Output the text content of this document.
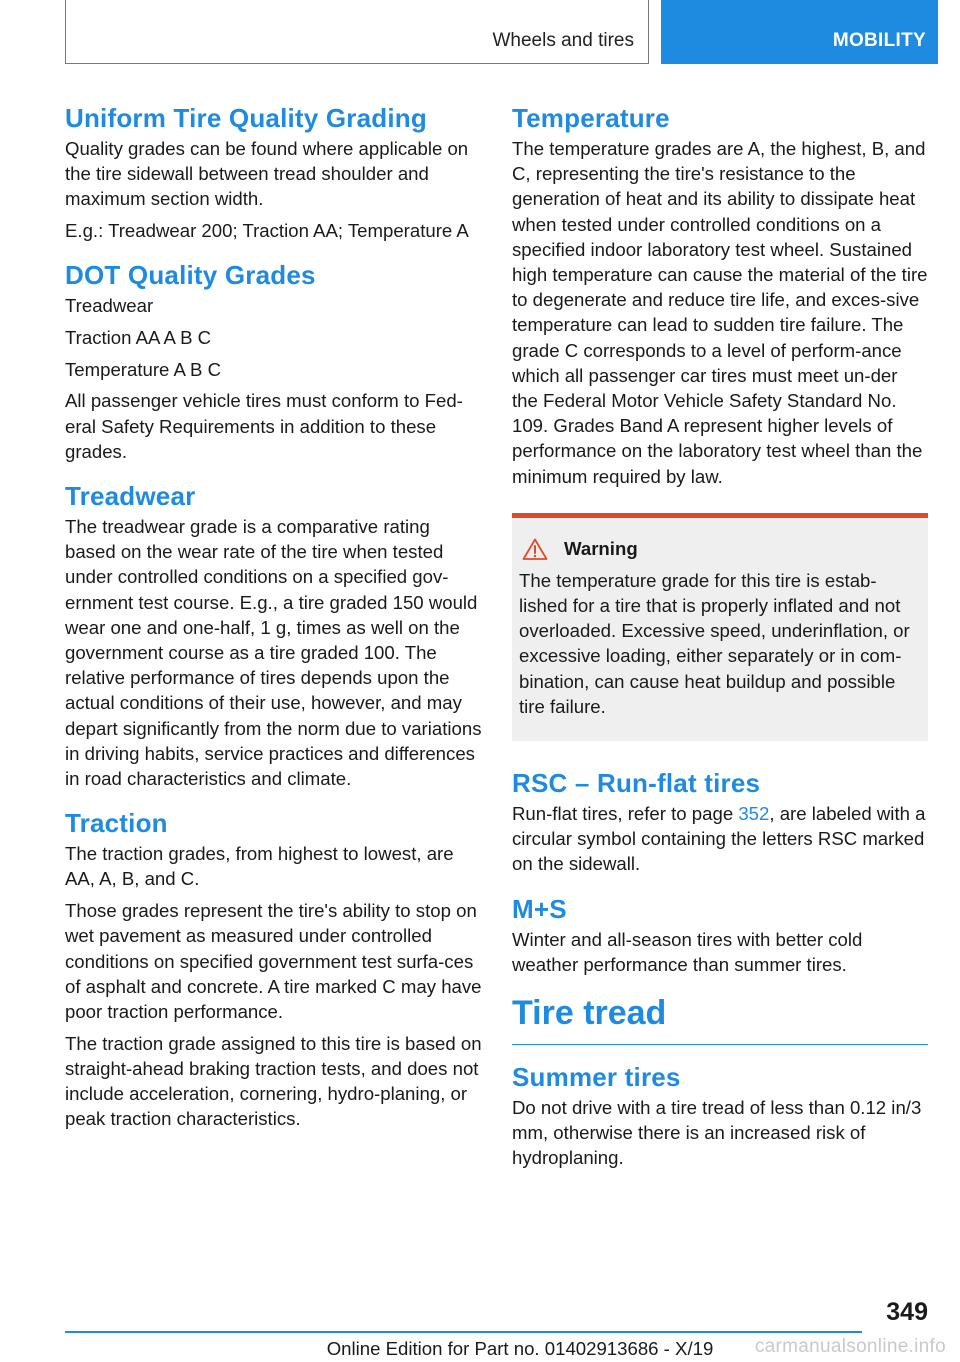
Wheels and tires	MOBILITY
Uniform Tire Quality Grading

Quality grades can be found where applicable on the tire sidewall between tread shoulder and maximum section width.

E.g.: Treadwear 200; Traction AA; Temperature A

DOT Quality Grades

Treadwear

Traction AA A B C

Temperature A B C

All passenger vehicle tires must conform to Fed-eral Safety Requirements in addition to these grades.

Treadwear

The treadwear grade is a comparative rating based on the wear rate of the tire when tested under controlled conditions on a specified gov-ernment test course. E.g., a tire graded 150 would wear one and one-half, 1 g, times as well on the government course as a tire graded 100. The relative performance of tires depends upon the actual conditions of their use, however, and may depart significantly from the norm due to variations in driving habits, service practices and differences in road characteristics and climate.

Traction

The traction grades, from highest to lowest, are AA, A, B, and C.

Those grades represent the tire's ability to stop on wet pavement as measured under controlled conditions on specified government test surfa-ces of asphalt and concrete. A tire marked C may have poor traction performance.

The traction grade assigned to this tire is based on straight-ahead braking traction tests, and does not include acceleration, cornering, hydro-planing, or peak traction characteristics.

Temperature

The temperature grades are A, the highest, B, and C, representing the tire's resistance to the generation of heat and its ability to dissipate heat when tested under controlled conditions on a specified indoor laboratory test wheel. Sustained high temperature can cause the material of the tire to degenerate and reduce tire life, and exces-sive temperature can lead to sudden tire failure. The grade C corresponds to a level of perform-ance which all passenger car tires must meet un-der the Federal Motor Vehicle Safety Standard No. 109. Grades Band A represent higher levels of performance on the laboratory test wheel than the minimum required by law.

Warning

The temperature grade for this tire is estab-lished for a tire that is properly inflated and not overloaded. Excessive speed, underinflation, or excessive loading, either separately or in com-bination, can cause heat buildup and possible tire failure.

RSC – Run-flat tires

Run-flat tires, refer to page 352, are labeled with a circular symbol containing the letters RSC marked on the sidewall.

M+S

Winter and all-season tires with better cold weather performance than summer tires.

Tire tread
Summer tires

Do not drive with a tire tread of less than 0.12 in/3 mm, otherwise there is an increased risk of hydroplaning.

349
Online Edition for Part no. 01402913686 - X/19	carmanualsonline.info
